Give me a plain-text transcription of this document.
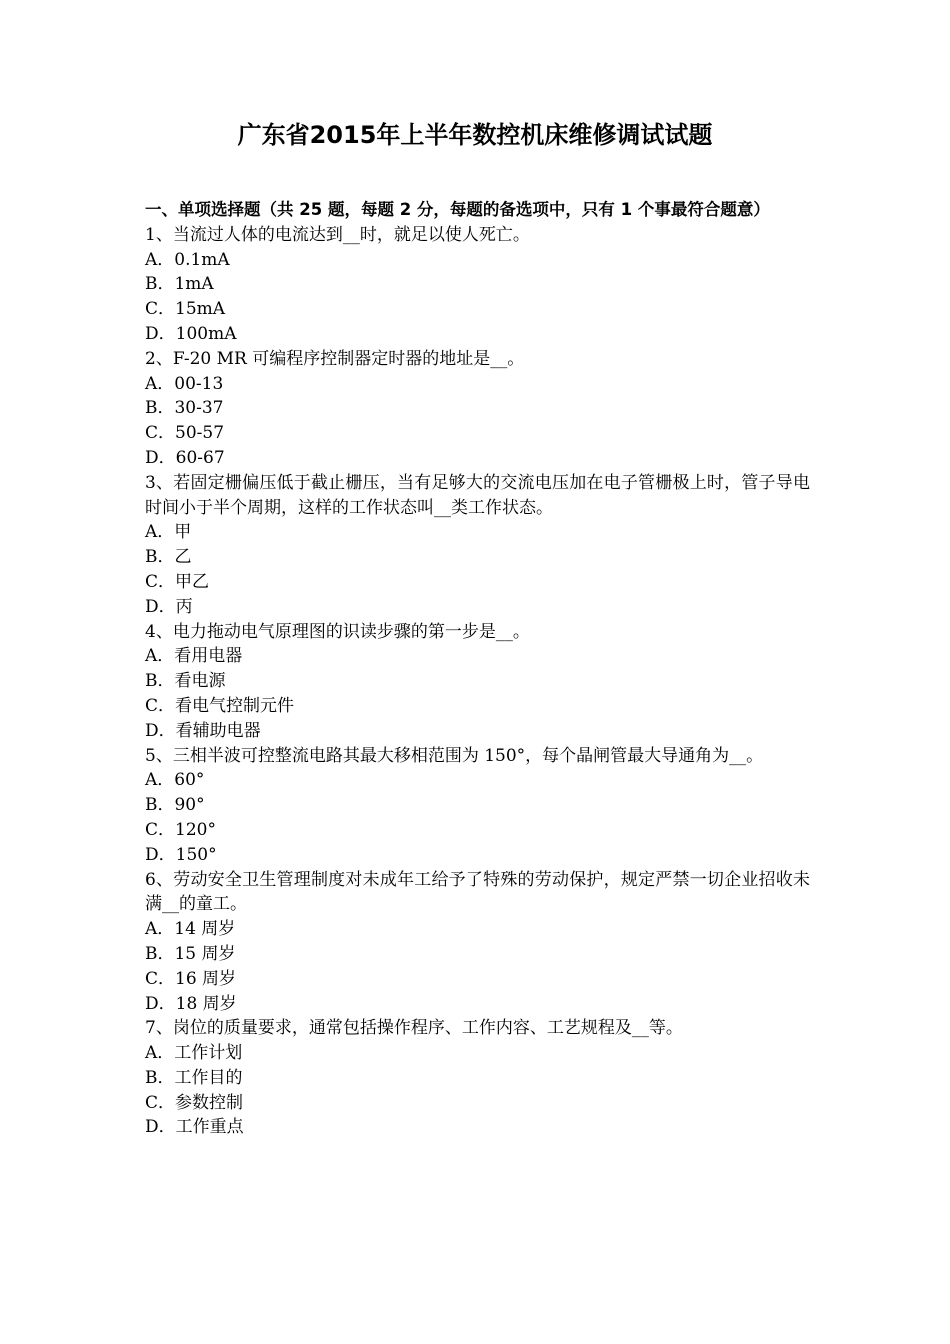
广东省2015年上半年数控机床维修调试试题
一、单项选择题（共 25 题，每题 2 分，每题的备选项中，只有 1 个事最符合题意）
1、当流过人体的电流达到__时，就足以使人死亡。
A．0.1mA
B．1mA
C．15mA
D．100mA
2、F-20 MR 可编程序控制器定时器的地址是__。
A．00-13
B．30-37
C．50-57
D．60-67
3、若固定栅偏压低于截止栅压，当有足够大的交流电压加在电子管栅极上时，管子导电时间小于半个周期，这样的工作状态叫__类工作状态。
A．甲
B．乙
C．甲乙
D．丙
4、电力拖动电气原理图的识读步骤的第一步是__。
A．看用电器
B．看电源
C．看电气控制元件
D．看辅助电器
5、三相半波可控整流电路其最大移相范围为 150°，每个晶闸管最大导通角为__。
A．60°
B．90°
C．120°
D．150°
6、劳动安全卫生管理制度对未成年工给予了特殊的劳动保护，规定严禁一切企业招收未满__的童工。
A．14 周岁
B．15 周岁
C．16 周岁
D．18 周岁
7、岗位的质量要求，通常包括操作程序、工作内容、工艺规程及__等。
A．工作计划
B．工作目的
C．参数控制
D．工作重点
